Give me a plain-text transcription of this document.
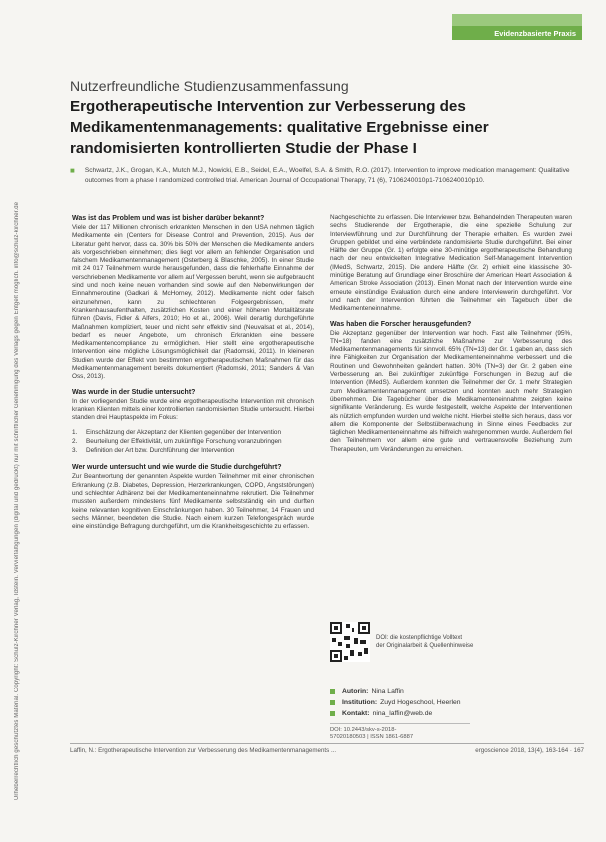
Urheberrechtlich geschütztes Material. Copyright: Schulz-Kirchner Verlag, Idstein. Vervielfältigungen (digital und gedruckt) nur mit schriftlicher Genehmigung des Verlags gegen Entgelt möglich. info@schulz-kirchner.de
Evidenzbasierte Praxis
Nutzerfreundliche Studienzusammenfassung
Ergotherapeutische Intervention zur Verbesserung des Medikamentenmanagements: qualitative Ergebnisse einer randomisierten kontrollierten Studie der Phase I
■	Schwartz, J.K., Grogan, K.A., Mutch M.J., Nowicki, E.B., Seidel, E.A., Woelfel, S.A. & Smith, R.O. (2017). Intervention to improve medication management: Qualitative outcomes from a phase I randomized controlled trial. American Journal of Occupational Therapy, 71 (6), 7106240010p1-7106240010p10.
Was ist das Problem und was ist bisher darüber bekannt?

Viele der 117 Millionen chronisch erkrankten Menschen in den USA nehmen täglich Medikamente ein (Centers for Disease Control and Prevention, 2015). Aus der Literatur geht hervor, dass ca. 30% bis 50% der Menschen die Medikamente anders als vorgeschrieben einnehmen; dies liegt vor allem an fehlender Organisation und falschem Medikamentenmanagement (Osterberg & Blaschke, 2005). In einer Studie mit 24 017 Teilnehmern wurde herausgefunden, dass die fehlerhafte Einnahme der verschriebenen Medikamente vor allem auf Vergessen beruht, wenn sie aufgebraucht sind und noch keine neuen vorhanden sind sowie auf den Nebenwirkungen der Einnahmeroutine (Gadkari & McHorney, 2012). Medikamente nicht oder falsch einzunehmen, kann zu schlechteren Folgeergebnissen, mehr Krankenhausaufenthalten, zusätzlichen Kosten und einer höheren Mortalitätsrate führen (Davis, Fidler & Alfers, 2010; Ho et al., 2006). Weil derartig durchgeführte Maßnahmen kompliziert, teuer und nicht sehr effektiv sind (Neuvalsat et al., 2014), bedarf es neuer Angebote, um chronisch Erkrankten eine bessere Medikamentencompliance zu ermöglichen. Hier stellt eine ergotherapeutische Intervention eine mögliche Lösungsmöglichkeit dar (Radomski, 2011). In kleineren Studien wurde der Effekt von bestimmten ergotherapeutischen Maßnahmen für das Medikamentenmanagement bereits dokumentiert (Radomski, 2011; Sanders & Van Oss, 2013).

Was wurde in der Studie untersucht?

In der vorliegenden Studie wurde eine ergotherapeutische Intervention mit chronisch kranken Klienten mittels einer kontrollierten randomisierten Studie untersucht. Hierbei standen drei Hauptaspekte im Fokus:

1.	Einschätzung der Akzeptanz der Klienten gegenüber der Intervention
2.	Beurteilung der Effektivität, um zukünftige Forschung voranzubringen
3.	Definition der Art bzw. Durchführung der Intervention
Wer wurde untersucht und wie wurde die Studie durchgeführt?

Zur Beantwortung der genannten Aspekte wurden Teilnehmer mit einer chronischen Erkrankung (z.B. Diabetes, Depression, Herzerkrankungen, COPD, Angststörungen) und schlechter Adhärenz bei der Medikamenteneinnahme rekrutiert. Die Teilnehmer mussten außerdem mindestens fünf Medikamente selbstständig ein und durften keine relevanten kognitiven Einschränkungen haben. 30 Teilnehmer, 14 Frauen und sechs Männer, beendeten die Studie. Nach einem kurzen Telefongespräch wurde eine einstündige Befragung durchgeführt, um die Krankheitsgeschichte zu erfassen.

Nachgeschichte zu erfassen. Die Interviewer bzw. Behandelnden Therapeuten waren sechs Studierende der Ergotherapie, die eine spezielle Schulung zur Interviewführung und zur Durchführung der Therapie erhalten. Es wurden zwei Gruppen gebildet und eine verblindete randomisierte Studie durchgeführt. Bei einer Hälfte der Gruppe (Gr. 1) erfolgte eine 30-minütige ergotherapeutische Behandlung nach der neu entwickelten Integrative Medication Self-Management Intervention (IMedS, Schwartz, 2015). Die andere Hälfte (Gr. 2) erhielt eine klassische 30-minütige Beratung auf Grundlage einer Broschüre der American Heart Association & American Stroke Association (2013). Einen Monat nach der Intervention wurde eine erneute einstündige Evaluation durch eine andere Interviewerin durchgeführt. Vor und nach der Intervention führten die Teilnehmer ein Tagebuch über die Medikamenteneinnahme.

Was haben die Forscher herausgefunden?

Die Akzeptanz gegenüber der Intervention war hoch. Fast alle Teilnehmer (95%, TN=18) fanden eine zusätzliche Maßnahme zur Verbesserung des Medikamentenmanagements für sinnvoll. 65% (TN=13) der Gr. 1 gaben an, dass sich ihre Fähigkeiten zur Organisation der Medikamenteneinnahme verbessert und die Routinen und Gewohnheiten geändert hatten. 30% (TN=3) der Gr. 2 gaben eine Verbesserung an. Bei zukünftiger zukünftige Forschungen in Bezug auf die Intervention (IMedS). Außerdem konnten die Teilnehmer der Gr. 1 mehr Strategien zum Medikamentenmanagement umsetzen und konnten auch mehr Strategien übernehmen. Die Tagebücher über die Medikamenteneinnahme zeigten keine signifikante Veränderung. Es wurde festgestellt, welche Aspekte der Interventionen als nützlich empfunden wurden und welche nicht. Hierbei stellte sich heraus, dass vor allem die Komponente der Selbstüberwachung in Sinne eines Feedbacks zur täglichen Medikamenteneinnahme als hilfreich wahrgenommen wurde. Außerdem fiel den Teilnehmern vor allem eine gute und vertrauensvolle Beziehung zum Therapeuten, um Veränderungen zu erreichen.

DOI: die kostenpflichtige Volltext
der Originalarbeit & Quellenhinweise
Autorin: Nina Laffin
Institution: Zuyd Hogeschool, Heerlen
Kontakt: nina_laffin@web.de
DOI: 10.2443/skv-s-2018-
57020180503 | ISSN 1861-6887
Laffin, N.: Ergotherapeutische Intervention zur Verbesserung des Medikamentenmanagements ...	ergoscience 2018, 13(4), 163-164 · 167
